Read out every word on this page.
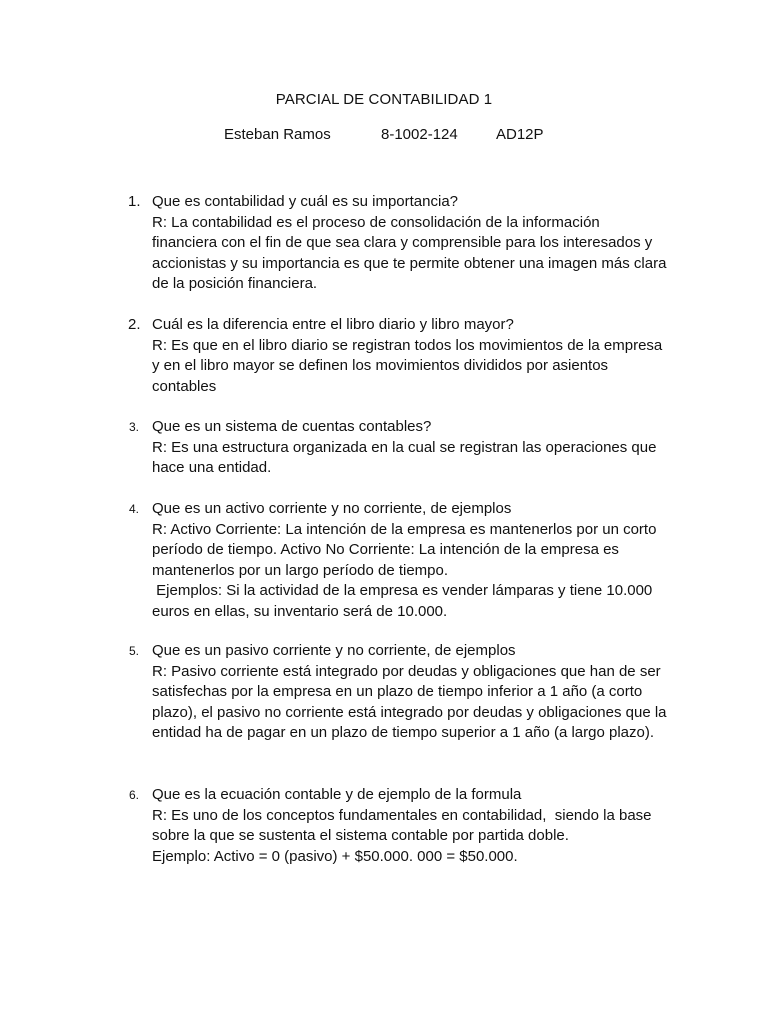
PARCIAL DE CONTABILIDAD 1
Esteban Ramos	8-1002-124	AD12P
1. Que es contabilidad y cuál es su importancia?

R: La contabilidad es el proceso de consolidación de la información financiera con el fin de que sea clara y comprensible para los interesados y accionistas y su importancia es que te permite obtener una imagen más clara de la posición financiera.

2. Cuál es la diferencia entre el libro diario y libro mayor?

R: Es que en el libro diario se registran todos los movimientos de la empresa y en el libro mayor se definen los movimientos divididos por asientos contables

3. Que es un sistema de cuentas contables?

R: Es una estructura organizada en la cual se registran las operaciones que hace una entidad.

4. Que es un activo corriente y no corriente, de ejemplos

R: Activo Corriente: La intención de la empresa es mantenerlos por un corto período de tiempo. Activo No Corriente: La intención de la empresa es mantenerlos por un largo período de tiempo.
Ejemplos: Si la actividad de la empresa es vender lámparas y tiene 10.000 euros en ellas, su inventario será de 10.000.

5. Que es un pasivo corriente y no corriente, de ejemplos

R: Pasivo corriente está integrado por deudas y obligaciones que han de ser satisfechas por la empresa en un plazo de tiempo inferior a 1 año (a corto plazo), el pasivo no corriente está integrado por deudas y obligaciones que la entidad ha de pagar en un plazo de tiempo superior a 1 año (a largo plazo).

6. Que es la ecuación contable y de ejemplo de la formula

R: Es uno de los conceptos fundamentales en contabilidad,  siendo la base sobre la que se sustenta el sistema contable por partida doble.
Ejemplo: Activo = 0 (pasivo) + $50.000. 000 = $50.000.
